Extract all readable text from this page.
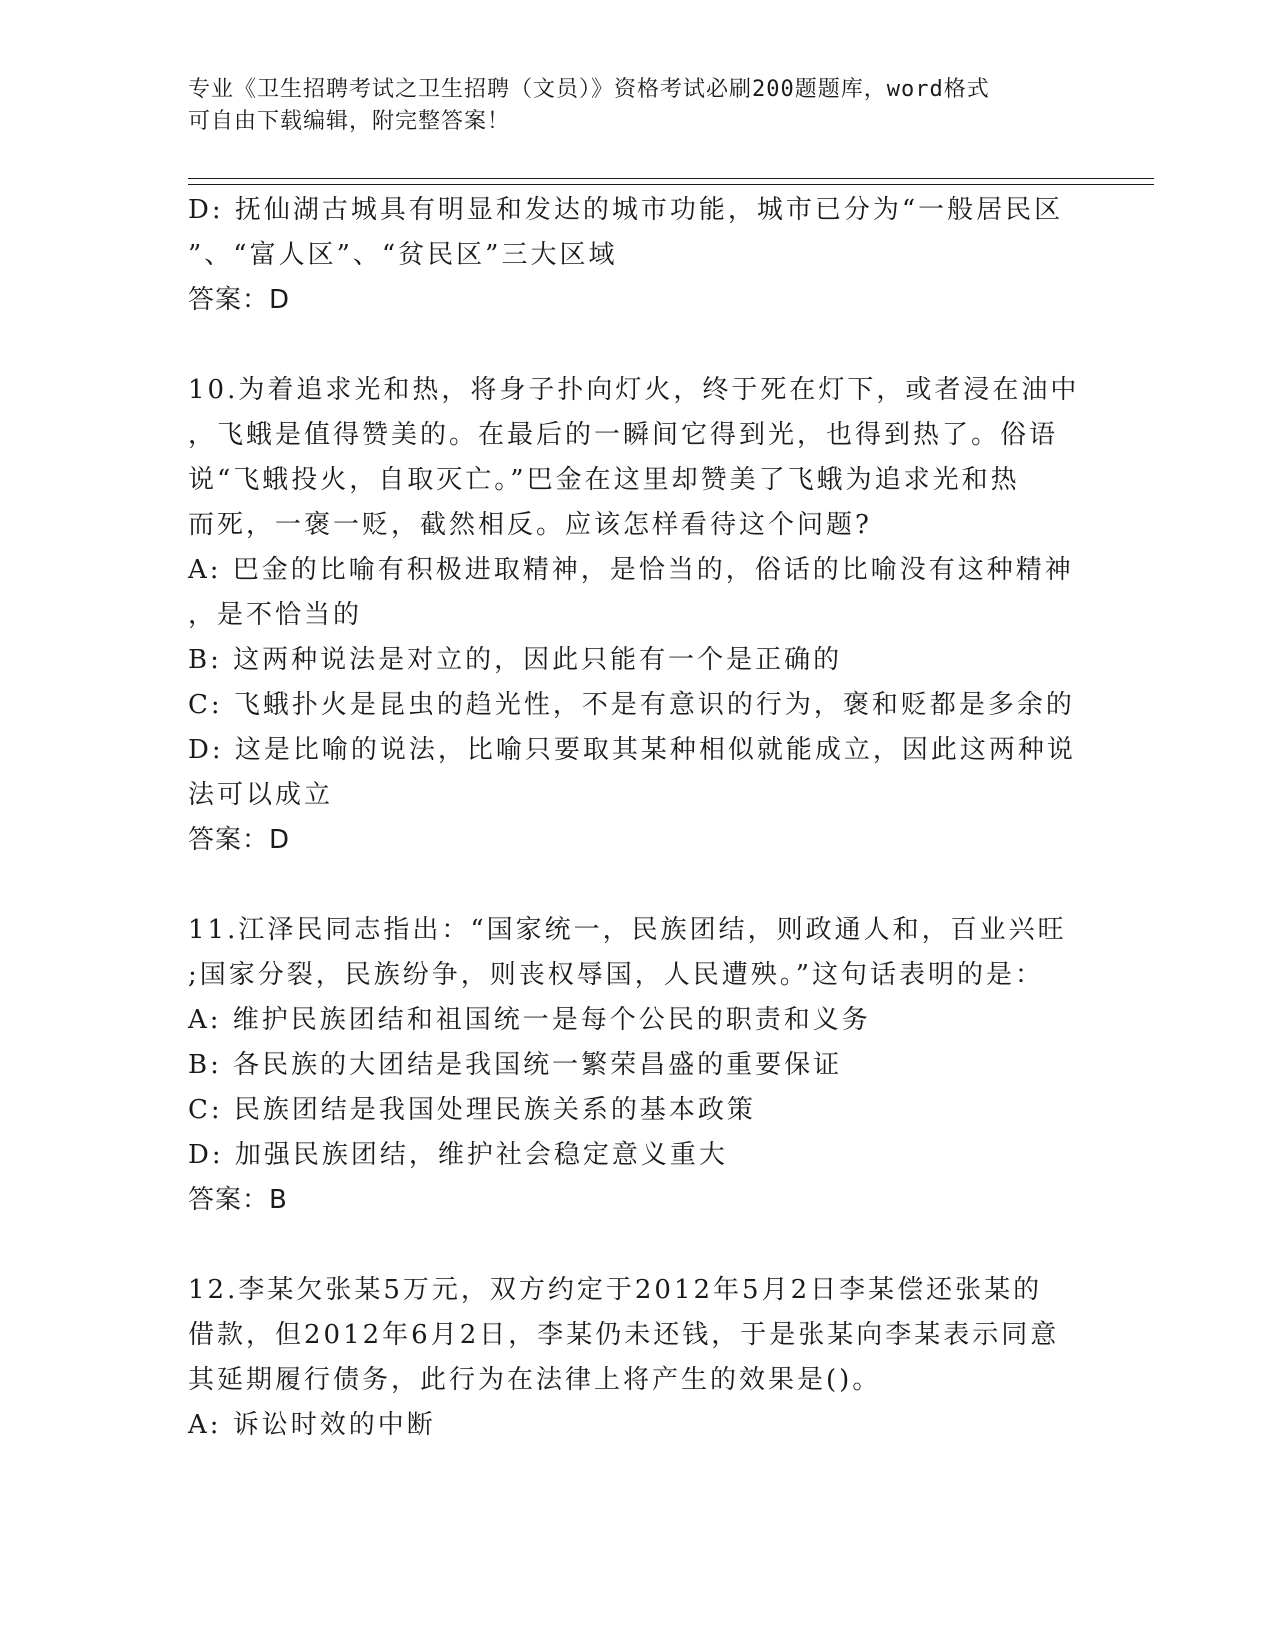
专业《卫生招聘考试之卫生招聘（文员）》资格考试必刷200题题库，word格式
可自由下载编辑，附完整答案！
D: 抚仙湖古城具有明显和发达的城市功能，城市已分为“一般居民区
”、“富人区”、“贫民区”三大区域
答案：D
10.为着追求光和热，将身子扑向灯火，终于死在灯下，或者浸在油中
，飞蛾是值得赞美的。在最后的一瞬间它得到光，也得到热了。俗语
说“飞蛾投火，自取灭亡。”巴金在这里却赞美了飞蛾为追求光和热
而死，一褒一贬，截然相反。应该怎样看待这个问题?
A: 巴金的比喻有积极进取精神，是恰当的，俗话的比喻没有这种精神
，是不恰当的
B: 这两种说法是对立的，因此只能有一个是正确的
C: 飞蛾扑火是昆虫的趋光性，不是有意识的行为，褒和贬都是多余的
D: 这是比喻的说法，比喻只要取其某种相似就能成立，因此这两种说
法可以成立
答案：D
11.江泽民同志指出：“国家统一，民族团结，则政通人和，百业兴旺
;国家分裂，民族纷争，则丧权辱国，人民遭殃。”这句话表明的是：
A: 维护民族团结和祖国统一是每个公民的职责和义务
B: 各民族的大团结是我国统一繁荣昌盛的重要保证
C: 民族团结是我国处理民族关系的基本政策
D: 加强民族团结，维护社会稳定意义重大
答案：B
12.李某欠张某5万元，双方约定于2012年5月2日李某偿还张某的
借款，但2012年6月2日，李某仍未还钱，于是张某向李某表示同意
其延期履行债务，此行为在法律上将产生的效果是()。
A: 诉讼时效的中断
